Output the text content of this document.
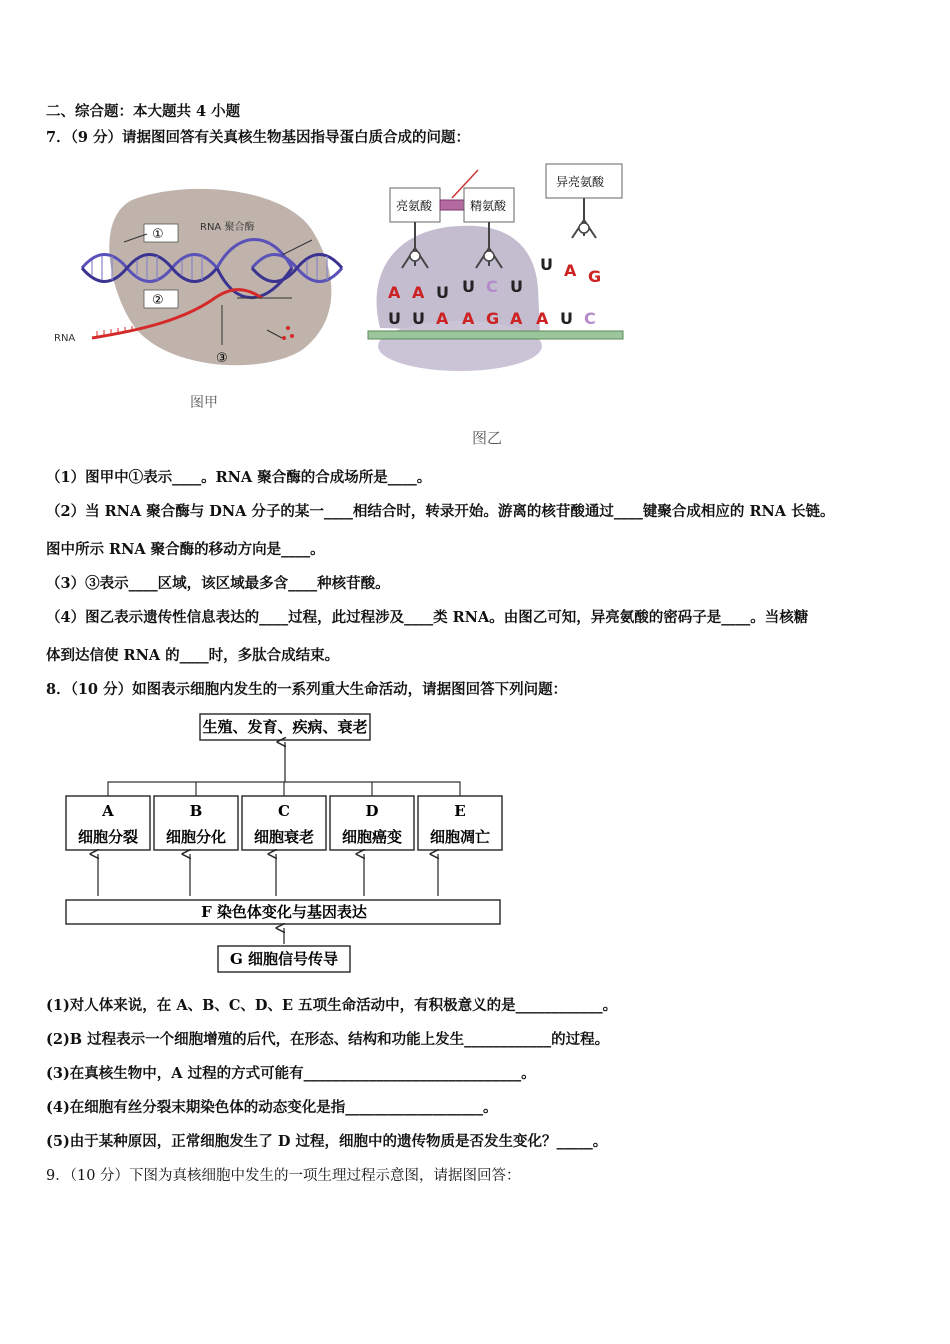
二、综合题：本大题共 4 小题
7．（9 分）请据图回答有关真核生物基因指导蛋白质合成的问题：
①	RNA 聚合酶
②
③
RNA
图甲
亮氨酸	精氨酸
异亮氨酸
A A U U C U
U A G
U U A A G A A U C
图乙
（1）图甲中①表示____。RNA 聚合酶的合成场所是____。
（2）当 RNA 聚合酶与 DNA 分子的某一____相结合时，转录开始。游离的核苷酸通过____键聚合成相应的 RNA 长链。
图中所示 RNA 聚合酶的移动方向是____。
（3）③表示____区域，该区域最多含____种核苷酸。
（4）图乙表示遗传性信息表达的____过程，此过程涉及____类 RNA。由图乙可知，异亮氨酸的密码子是____。当核糖
体到达信使 RNA 的____时，多肽合成结束。
8．（10 分）如图表示细胞内发生的一系列重大生命活动，请据图回答下列问题：
生殖、发育、疾病、衰老
A
细胞分裂
B
细胞分化
C
细胞衰老
D
细胞癌变
E
细胞凋亡
F 染色体变化与基因表达
G 细胞信号传导
(1)对人体来说，在 A、B、C、D、E 五项生命活动中，有积极意义的是____________。
(2)B 过程表示一个细胞增殖的后代，在形态、结构和功能上发生____________的过程。
(3)在真核生物中，A 过程的方式可能有______________________________。
(4)在细胞有丝分裂末期染色体的动态变化是指___________________。
(5)由于某种原因，正常细胞发生了 D 过程，细胞中的遗传物质是否发生变化？_____。
9．（10 分）下图为真核细胞中发生的一项生理过程示意图，请据图回答：
